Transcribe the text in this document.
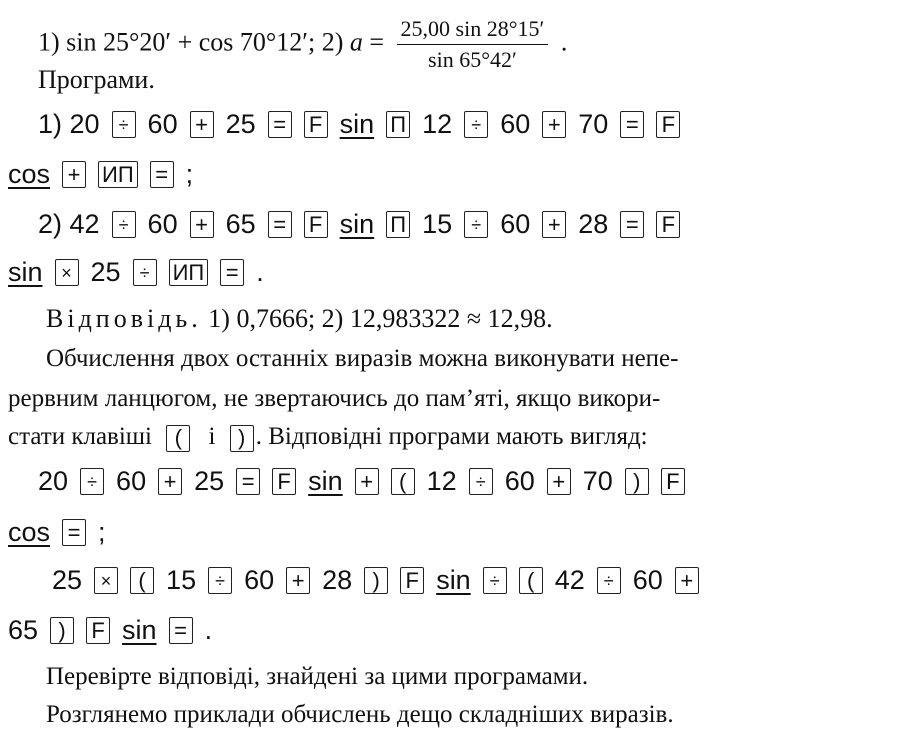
1) sin 25°20′ + cos 70°12′; 2) $a = \frac{25,00 \sin 28^\circ 15'}{\sin 65^\circ 42'}$ .
Програми.
1) 20 ÷ 60 + 25 = F sin П 12 ÷ 60 + 70 = F
cos + ИП = ;
2) 42 ÷ 60 + 65 = F sin П 15 ÷ 60 + 28 = F
sin × 25 ÷ ИП = .
Відповідь. 1) 0,7666; 2) 12,983322 ≈ 12,98.
Обчислення двох останніх виразів можна виконувати непе-
рервним ланцюгом, не звертаючись до пам’яті, якщо викори-
стати клавіші ( і ) . Відповідні програми мають вигляд:
20 ÷ 60 + 25 = F sin + ( 12 ÷ 60 + 70 ) F
cos = ;
25 × ( 15 ÷ 60 + 28 ) F sin ÷ ( 42 ÷ 60 +
65 ) F sin = .
Перевірте відповіді, знайдені за цими програмами.
Розглянемо приклади обчислень дещо складніших виразів.
